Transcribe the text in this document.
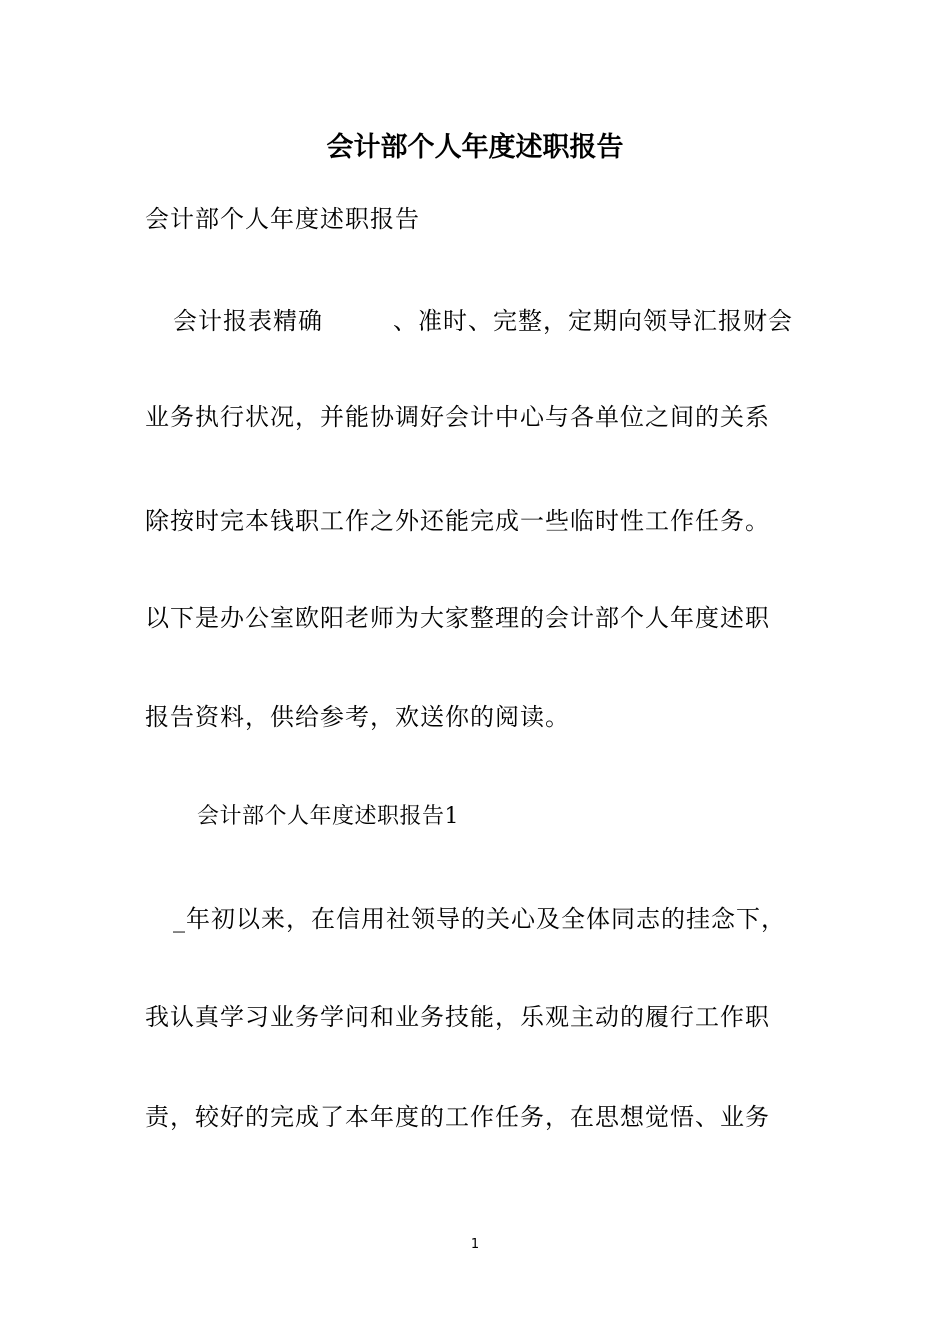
会计部个人年度述职报告
会计部个人年度述职报告
会计报表精确	、准时、完整，定期向领导汇报财会
业务执行状况，并能协调好会计中心与各单位之间的关系
除按时完本钱职工作之外还能完成一些临时性工作任务。
以下是办公室欧阳老师为大家整理的会计部个人年度述职
报告资料，供给参考，欢送你的阅读。
会计部个人年度述职报告1
_年初以来，在信用社领导的关心及全体同志的挂念下，
我认真学习业务学问和业务技能，乐观主动的履行工作职
责，较好的完成了本年度的工作任务，在思想觉悟、业务
1
